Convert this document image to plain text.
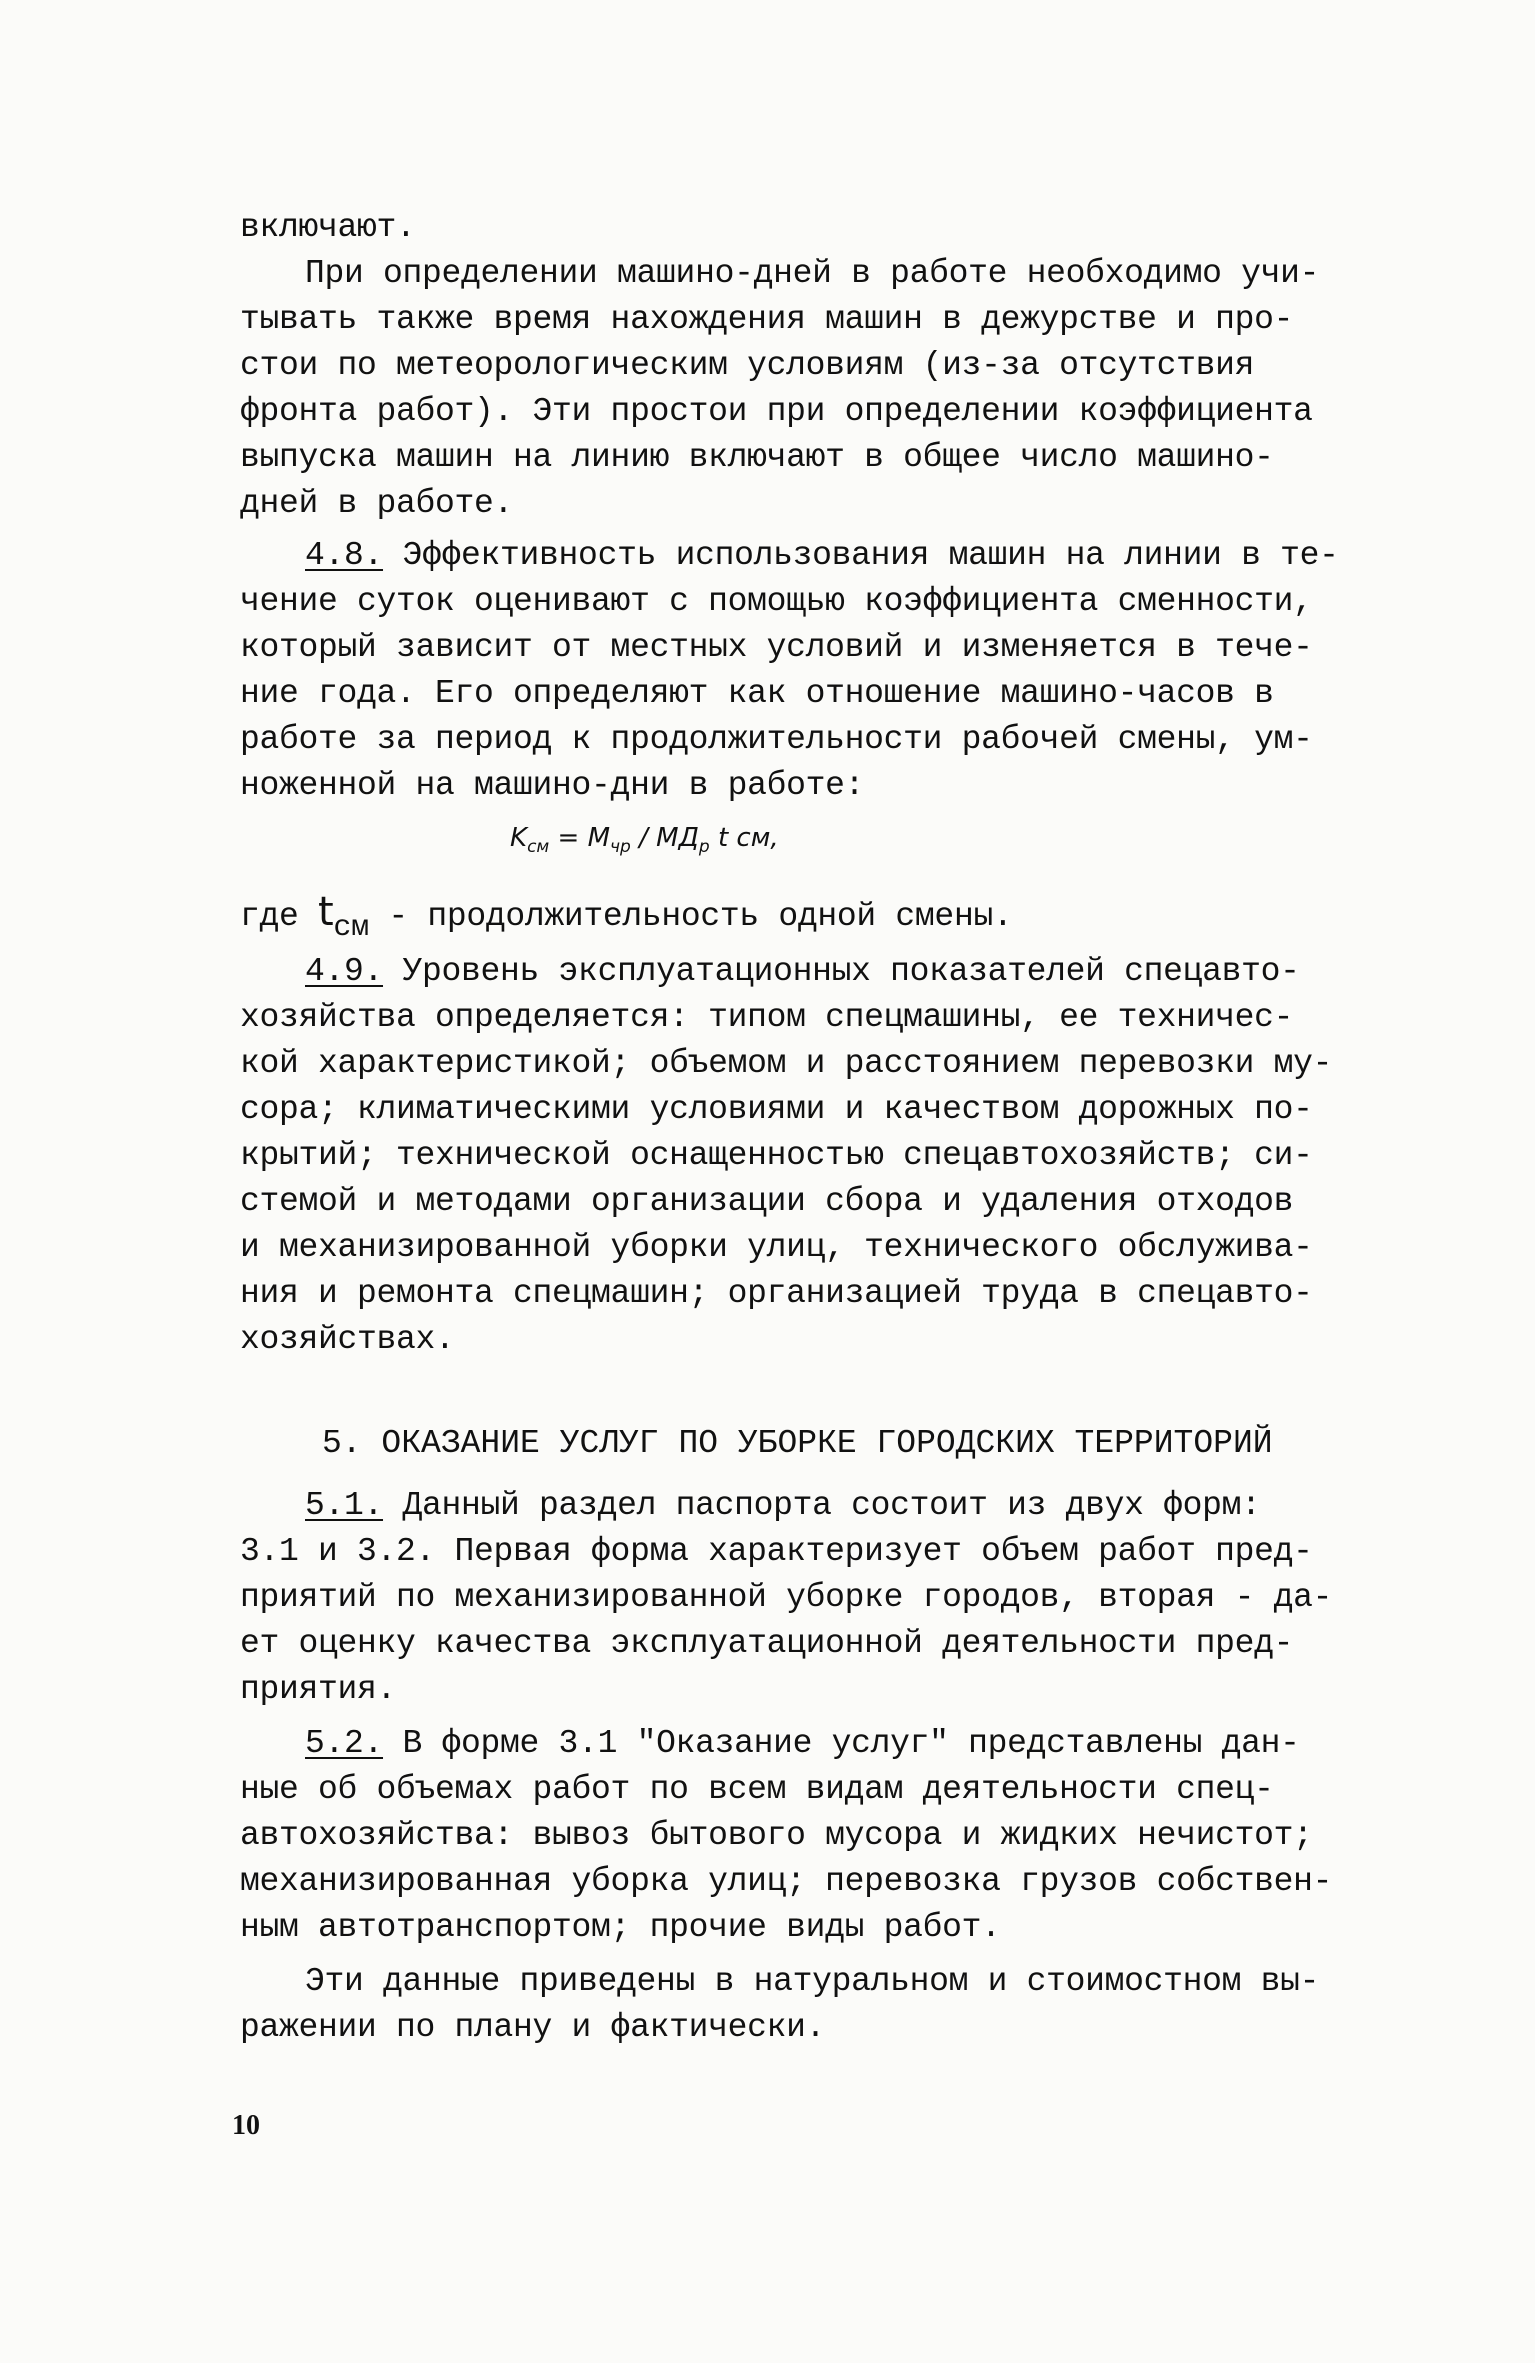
включают.
При определении машино-дней в работе необходимо учи-
тывать также время нахождения машин в дежурстве и про-
стои по метеорологическим условиям (из-за отсутствия
фронта работ). Эти простои при определении коэффициента
выпуска машин на линию включают в общее число машино-
дней в работе.
4.8. Эффективность использования машин на линии в те-
чение суток оценивают с помощью коэффициента сменности,
который зависит от местных условий и изменяется в тече-
ние года. Его определяют как отношение машино-часов в
работе за период к продолжительности рабочей смены, ум-
ноженной на машино-дни в работе:
$K_{см} = M_{чр} / МД_р$ t см,
где tсм - продолжительность одной смены.
4.9. Уровень эксплуатационных показателей спецавто-
хозяйства определяется: типом спецмашины, ее техничес-
кой характеристикой; объемом и расстоянием перевозки му-
сора; климатическими условиями и качеством дорожных по-
крытий; технической оснащенностью спецавтохозяйств; си-
стемой и методами организации сбора и удаления отходов
и механизированной уборки улиц, технического обслужива-
ния и ремонта спецмашин; организацией труда в спецавто-
хозяйствах.
5. ОКАЗАНИЕ УСЛУГ ПО УБОРКЕ ГОРОДСКИХ ТЕРРИТОРИЙ
5.1. Данный раздел паспорта состоит из двух форм:
3.1 и 3.2. Первая форма характеризует объем работ пред-
приятий по механизированной уборке городов, вторая - да-
ет оценку качества эксплуатационной деятельности пред-
приятия.
5.2. В форме 3.1 "Оказание услуг" представлены дан-
ные об объемах работ по всем видам деятельности спец-
автохозяйства: вывоз бытового мусора и жидких нечистот;
механизированная уборка улиц; перевозка грузов собствен-
ным автотранспортом; прочие виды работ.
Эти данные приведены в натуральном и стоимостном вы-
ражении по плану и фактически.
10
